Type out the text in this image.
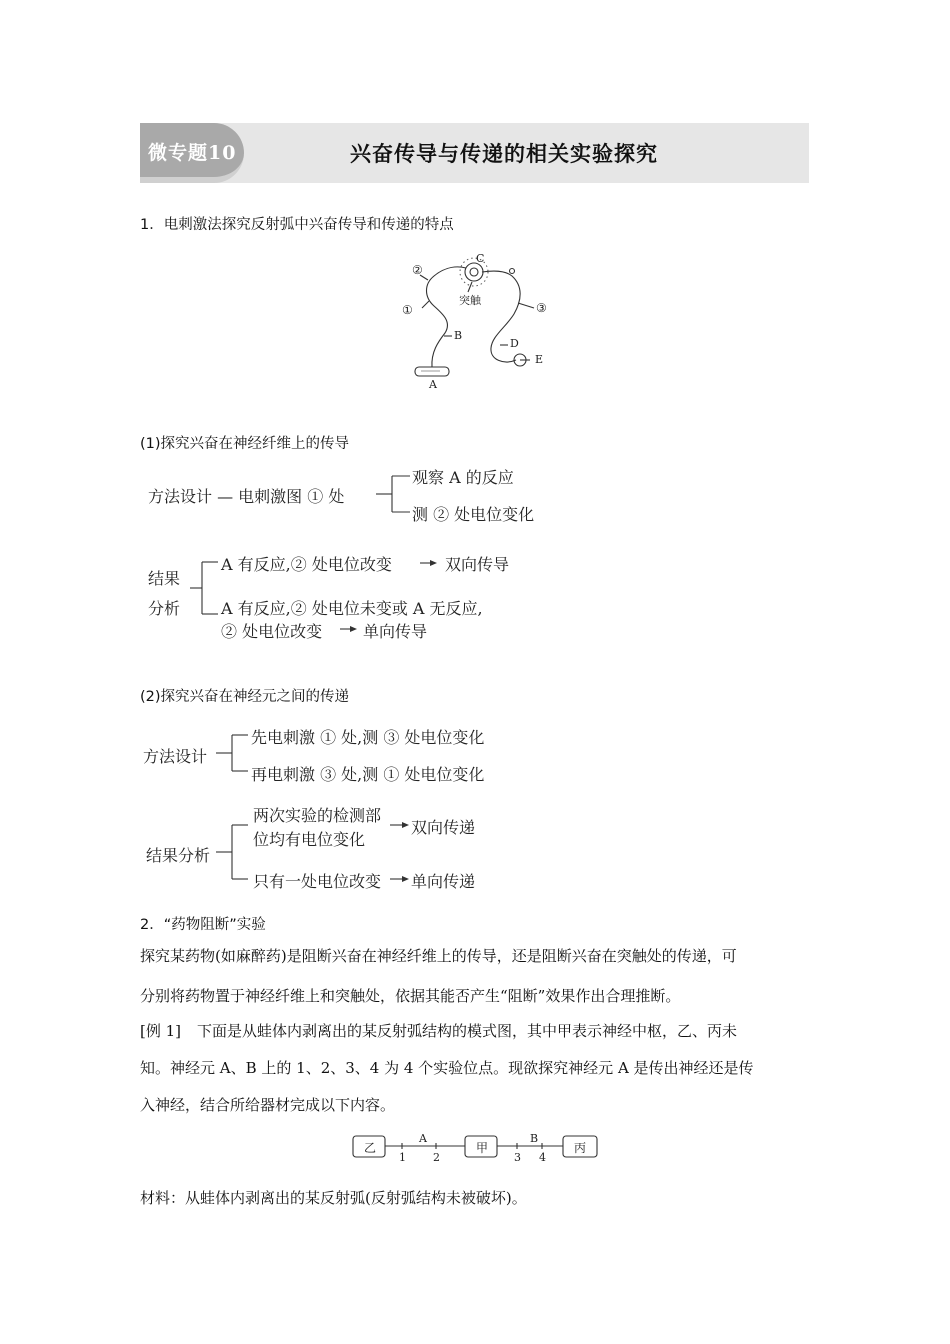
微专题10	兴奋传导与传递的相关实验探究
1．电刺激法探究反射弧中兴奋传导和传递的特点
②
C
①
突触
③
B
D
E
A
(1)探究兴奋在神经纤维上的传导
方法设计 — 电刺激图 ① 处
观察 A 的反应
测 ② 处电位变化
结果
分析
A 有反应,② 处电位改变	双向传导
A 有反应,② 处电位未变或 A 无反应,
② 处电位改变	单向传导
(2)探究兴奋在神经元之间的传递
方法设计
先电刺激 ① 处,测 ③ 处电位变化
再电刺激 ③ 处,测 ① 处电位变化
结果分析
两次实验的检测部
位均有电位变化
双向传递
只有一处电位改变 单向传递
2．“药物阻断”实验
探究某药物(如麻醉药)是阻断兴奋在神经纤维上的传导，还是阻断兴奋在突触处的传递，可
分别将药物置于神经纤维上和突触处，依据其能否产生“阻断”效果作出合理推断。
[例 1] 下面是从蛙体内剥离出的某反射弧结构的模式图，其中甲表示神经中枢，乙、丙未
知。神经元 A、B 上的 1、2、3、4 为 4 个实验位点。现欲探究神经元 A 是传出神经还是传
入神经，结合所给器材完成以下内容。
乙	甲	丙
A	B
1 2	3 4
材料：从蛙体内剥离出的某反射弧(反射弧结构未被破坏)。
